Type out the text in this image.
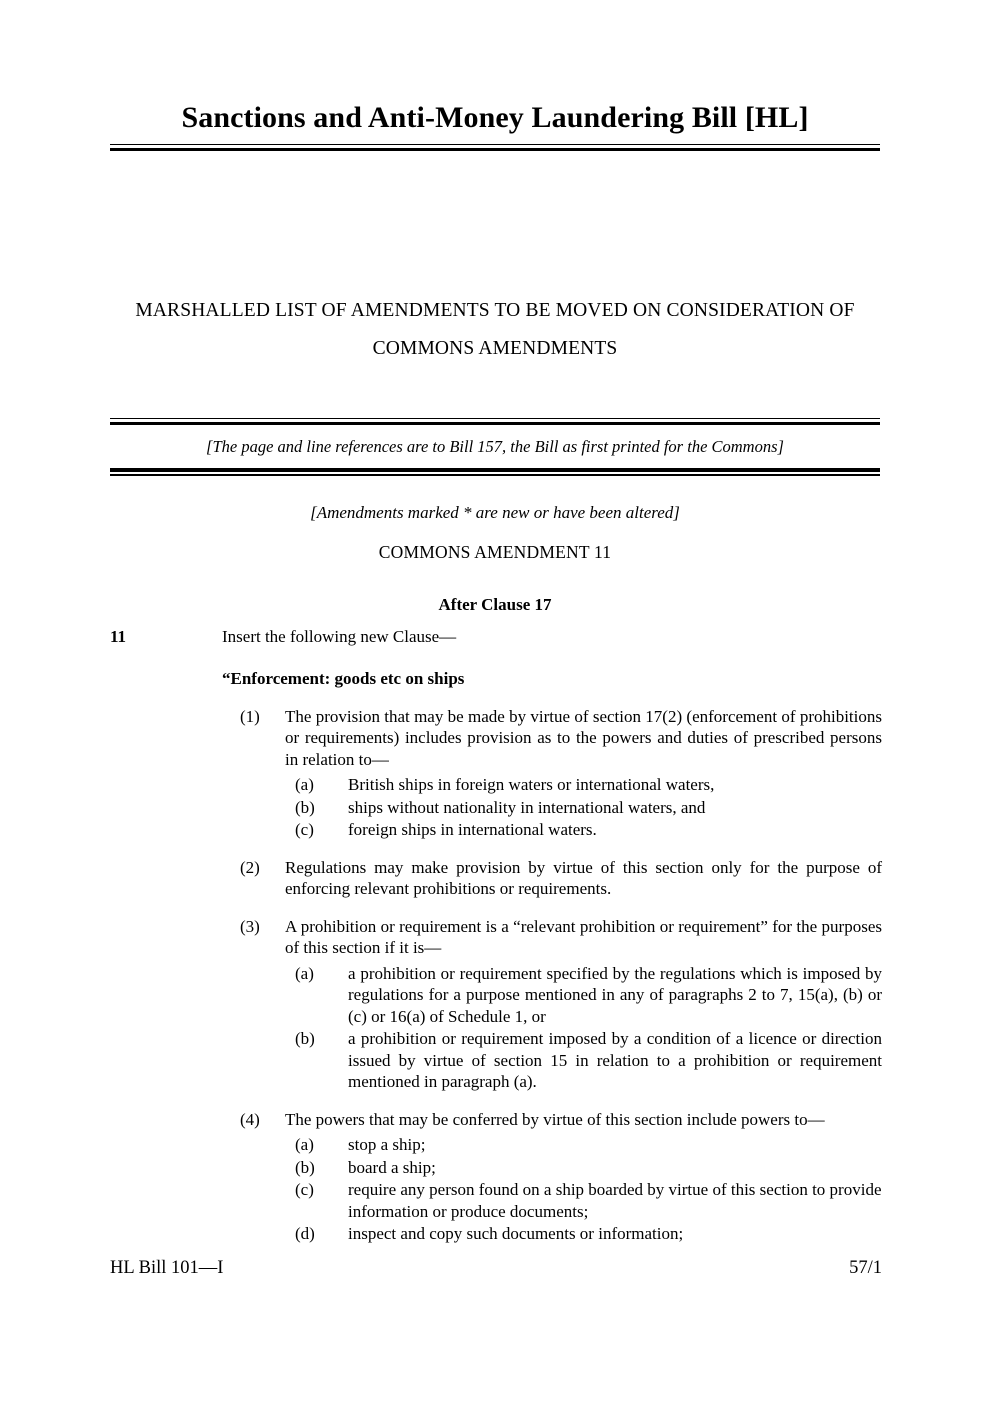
Sanctions and Anti-Money Laundering Bill [HL]
MARSHALLED LIST OF AMENDMENTS TO BE MOVED ON CONSIDERATION OF
COMMONS AMENDMENTS
[The page and line references are to Bill 157, the Bill as first printed for the Commons]
[Amendments marked * are new or have been altered]
COMMONS AMENDMENT 11
After Clause 17
11	Insert the following new Clause—
“Enforcement: goods etc on ships
(1)	The provision that may be made by virtue of section 17(2) (enforcement of prohibitions or requirements) includes provision as to the powers and duties of prescribed persons in relation to—
(a)	British ships in foreign waters or international waters,
(b)	ships without nationality in international waters, and
(c)	foreign ships in international waters.
(2)	Regulations may make provision by virtue of this section only for the purpose of enforcing relevant prohibitions or requirements.
(3)	A prohibition or requirement is a “relevant prohibition or requirement” for the purposes of this section if it is—
(a)	a prohibition or requirement specified by the regulations which is imposed by regulations for a purpose mentioned in any of paragraphs 2 to 7, 15(a), (b) or (c) or 16(a) of Schedule 1, or
(b)	a prohibition or requirement imposed by a condition of a licence or direction issued by virtue of section 15 in relation to a prohibition or requirement mentioned in paragraph (a).
(4)	The powers that may be conferred by virtue of this section include powers to—
(a)	stop a ship;
(b)	board a ship;
(c)	require any person found on a ship boarded by virtue of this section to provide information or produce documents;
(d)	inspect and copy such documents or information;
HL Bill 101—I	57/1
